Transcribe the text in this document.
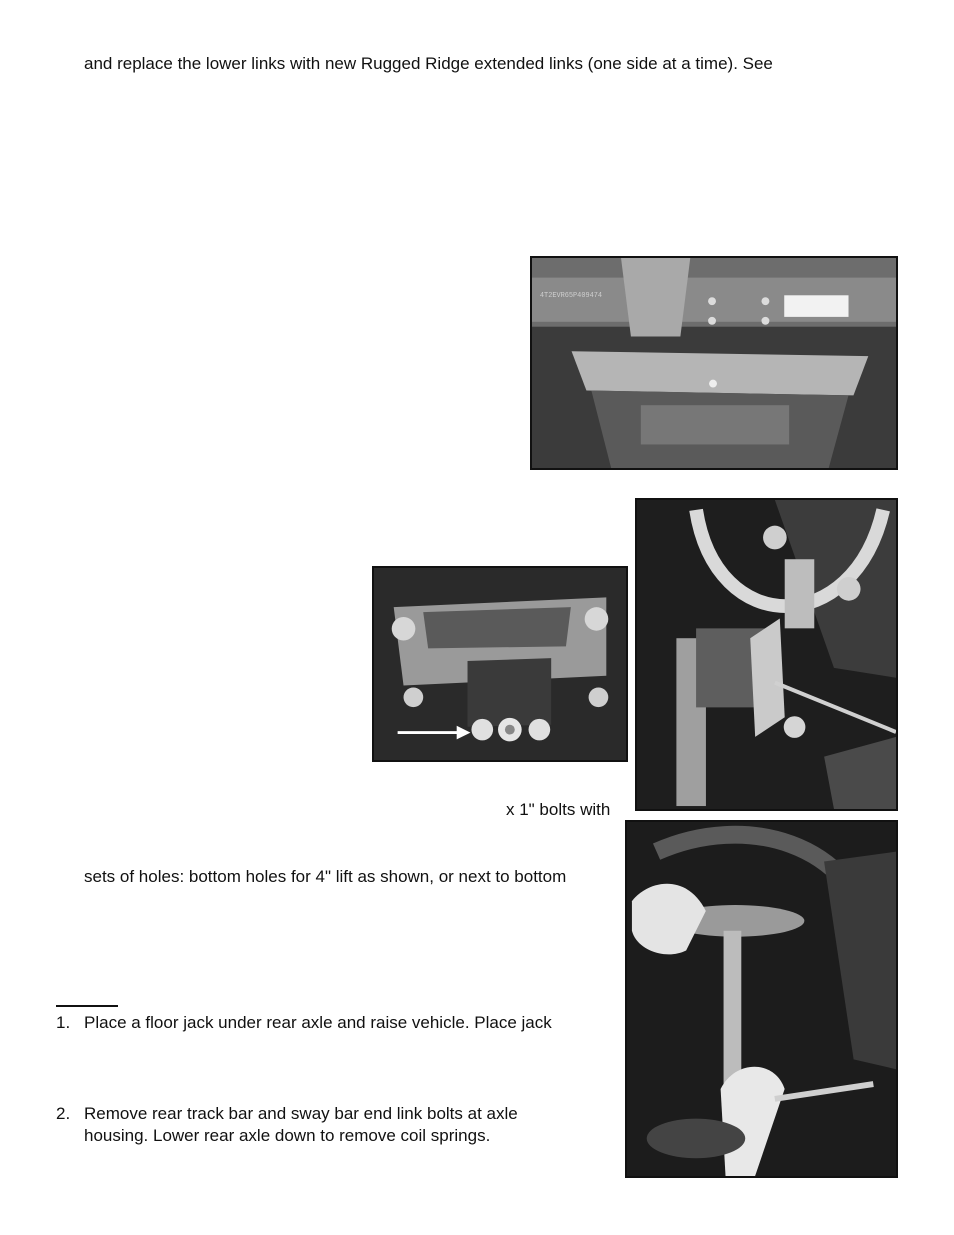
and replace the lower links with new Rugged Ridge extended links (one side at a time). See

x 1" bolts with

sets of holes: bottom holes for 4" lift as shown, or next to bottom

1. Place a floor jack under rear axle and raise vehicle. Place jack

2. Remove rear track bar and sway bar end link bolts at axle

housing. Lower rear axle down to remove coil springs.

4T2EVR65P409474
